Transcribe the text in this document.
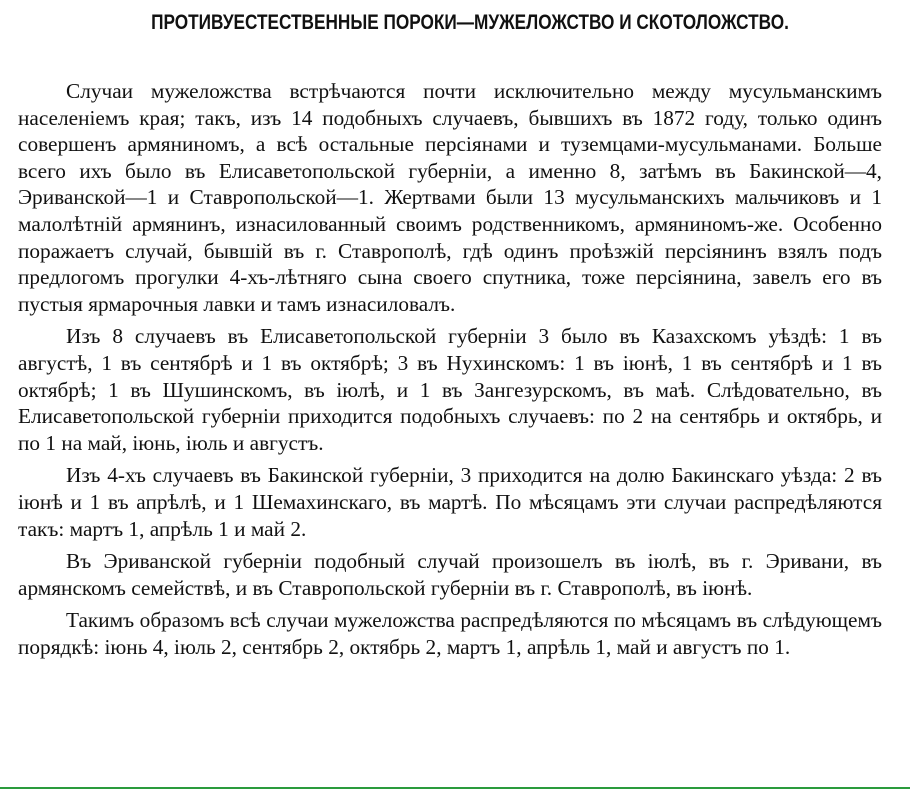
ПРОТИВУЕСТЕСТВЕННЫЕ ПОРОКИ—МУЖЕЛОЖСТВО И СКОТОЛОЖСТВО.

Случаи мужеложства встрѣчаются почти исключительно между мусульманскимъ населеніемъ края; такъ, изъ 14 подобныхъ случаевъ, бывшихъ въ 1872 году, только одинъ совершенъ армяниномъ, а всѣ остальные персіянами и туземцами-мусульманами. Больше всего ихъ было въ Елисаветопольской губерніи, а именно 8, затѣмъ въ Бакинской—4, Эриванской—1 и Ставропольской—1. Жертвами были 13 мусульманскихъ мальчиковъ и 1 малолѣтній армянинъ, изнасилованный своимъ родственникомъ, армяниномъ-же. Особенно поражаетъ случай, бывшій въ г. Ставрополѣ, гдѣ одинъ проѣзжій персіянинъ взялъ подъ предлогомъ прогулки 4-хъ-лѣтняго сына своего спутника, тоже персіянина, завелъ его въ пустыя ярмарочныя лавки и тамъ изнасиловалъ.

Изъ 8 случаевъ въ Елисаветопольской губерніи 3 было въ Казахскомъ уѣздѣ: 1 въ августѣ, 1 въ сентябрѣ и 1 въ октябрѣ; 3 въ Нухинскомъ: 1 въ іюнѣ, 1 въ сентябрѣ и 1 въ октябрѣ; 1 въ Шушинскомъ, въ іюлѣ, и 1 въ Зангезурскомъ, въ маѣ. Слѣдовательно, въ Елисаветопольской губерніи приходится подобныхъ случаевъ: по 2 на сентябрь и октябрь, и по 1 на май, іюнь, іюль и августъ.

Изъ 4-хъ случаевъ въ Бакинской губерніи, 3 приходится на долю Бакинскаго уѣзда: 2 въ іюнѣ и 1 въ апрѣлѣ, и 1 Шемахинскаго, въ мартѣ. По мѣсяцамъ эти случаи распредѣляются такъ: мартъ 1, апрѣль 1 и май 2.

Въ Эриванской губерніи подобный случай произошелъ въ іюлѣ, въ г. Эривани, въ армянскомъ семействѣ, и въ Ставропольской губерніи въ г. Ставрополѣ, въ іюнѣ.

Такимъ образомъ всѣ случаи мужеложства распредѣляются по мѣсяцамъ въ слѣдующемъ порядкѣ: іюнь 4, іюль 2, сентябрь 2, октябрь 2, мартъ 1, апрѣль 1, май и августъ по 1.
